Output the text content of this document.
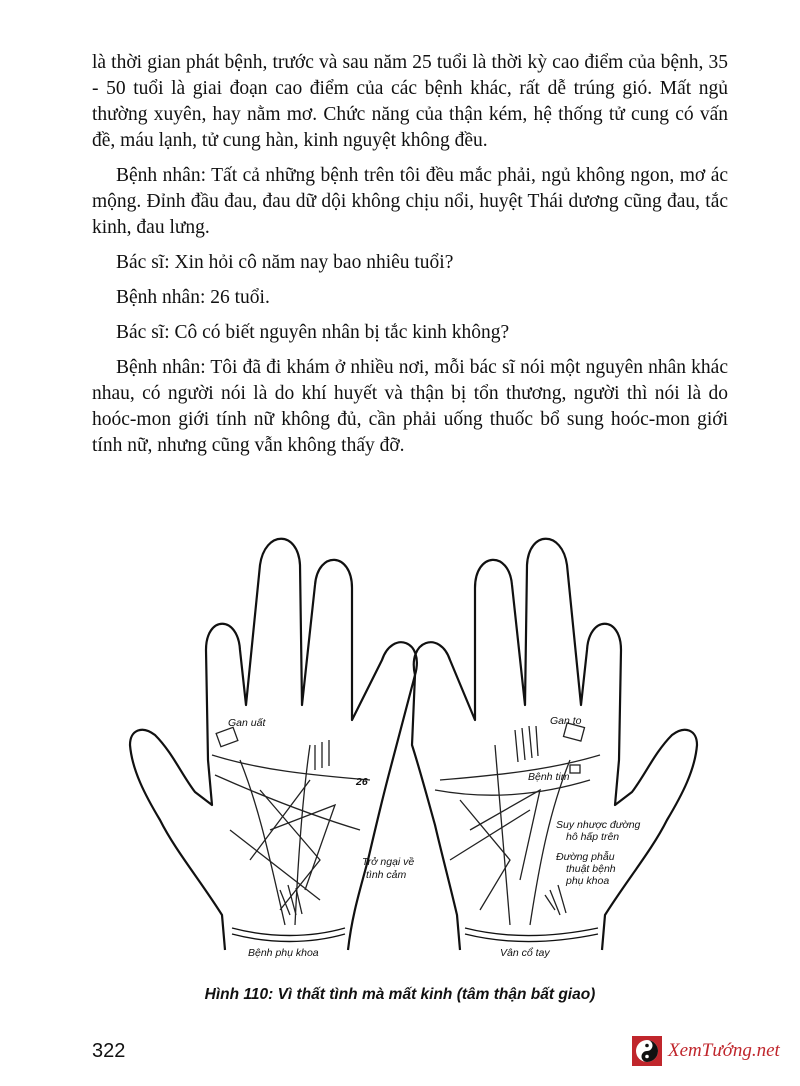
là thời gian phát bệnh, trước và sau năm 25 tuổi là thời kỳ cao điểm của bệnh, 35 - 50 tuổi là giai đoạn cao điểm của các bệnh khác, rất dễ trúng gió. Mất ngủ thường xuyên, hay nằm mơ. Chức năng của thận kém, hệ thống tử cung có vấn đề, máu lạnh, tử cung hàn, kinh nguyệt không đều.

Bệnh nhân: Tất cả những bệnh trên tôi đều mắc phải, ngủ không ngon, mơ ác mộng. Đỉnh đầu đau, đau dữ dội không chịu nổi, huyệt Thái dương cũng đau, tắc kinh, đau lưng.

Bác sĩ: Xin hỏi cô năm nay bao nhiêu tuổi?

Bệnh nhân: 26 tuổi.

Bác sĩ: Cô có biết nguyên nhân bị tắc kinh không?

Bệnh nhân: Tôi đã đi khám ở nhiều nơi, mỗi bác sĩ nói một nguyên nhân khác nhau, có người nói là do khí huyết và thận bị tổn thương, người thì nói là do hoóc-mon giới tính nữ không đủ, cần phải uống thuốc bổ sung hoóc-mon giới tính nữ, nhưng cũng vẫn không thấy đỡ.

Gan uất
26
Trở ngại về
tình cảm
Bệnh phụ khoa
Gan to
Bệnh tim
Suy nhược đường
hô hấp trên
Đường phẫu
thuật bệnh
phụ khoa
Vân cổ tay
Hình 110: Vì thất tình mà mất kinh (tâm thận bất giao)
322	XemTướng.net
